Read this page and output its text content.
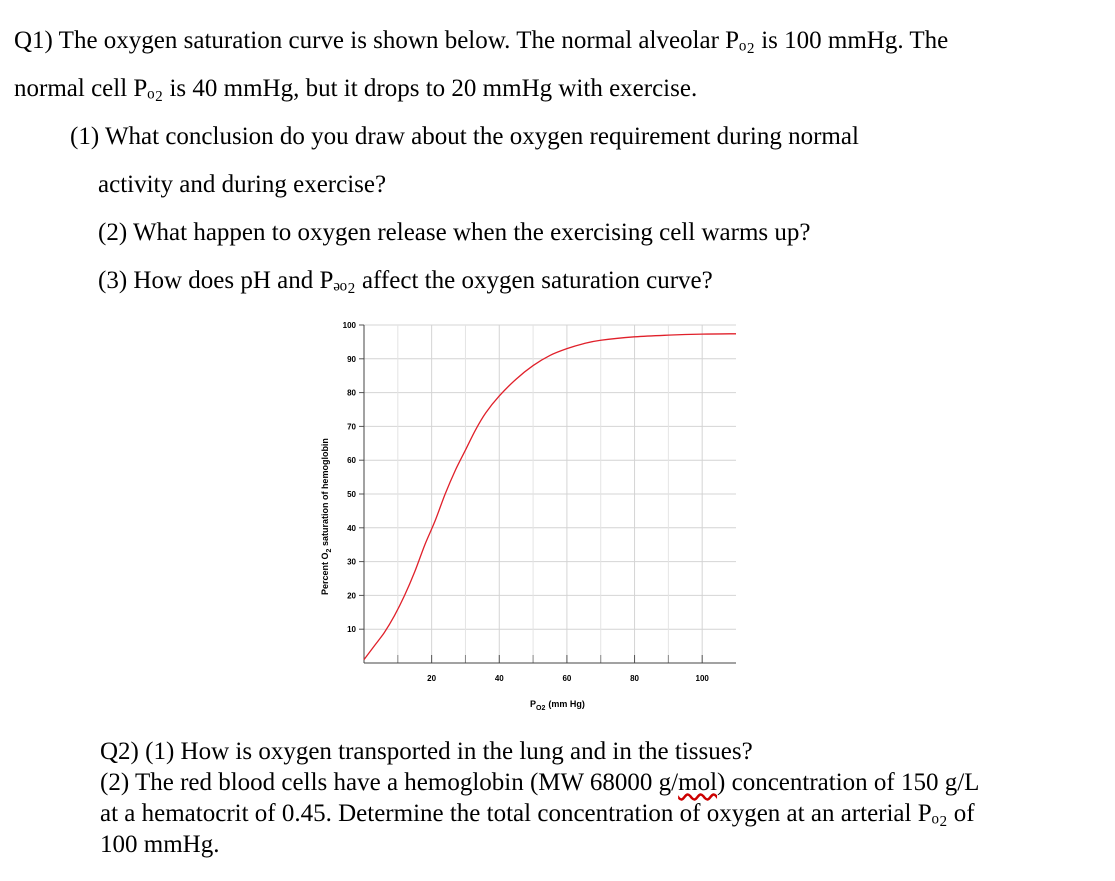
Q1) The oxygen saturation curve is shown below. The normal alveolar Pₒ₂ is 100 mmHg. The
normal cell Pₒ₂ is 40 mmHg, but it drops to 20 mmHg with exercise.
(1) What conclusion do you draw about the oxygen requirement during normal
activity and during exercise?
(2) What happen to oxygen release when the exercising cell warms up?
(3) How does pH and Pₔₒ₂ affect the oxygen saturation curve?
10
20
30
40
50
60
70
80
90
100
20	40	60	80	100
$P_{O2}$ (mm Hg)
Percent $O_2$ saturation of hemoglobin
Q2) (1) How is oxygen transported in the lung and in the tissues?
(2) The red blood cells have a hemoglobin (MW 68000 g/mol) concentration of 150 g/L
at a hematocrit of 0.45. Determine the total concentration of oxygen at an arterial Pₒ₂ of
100 mmHg.
